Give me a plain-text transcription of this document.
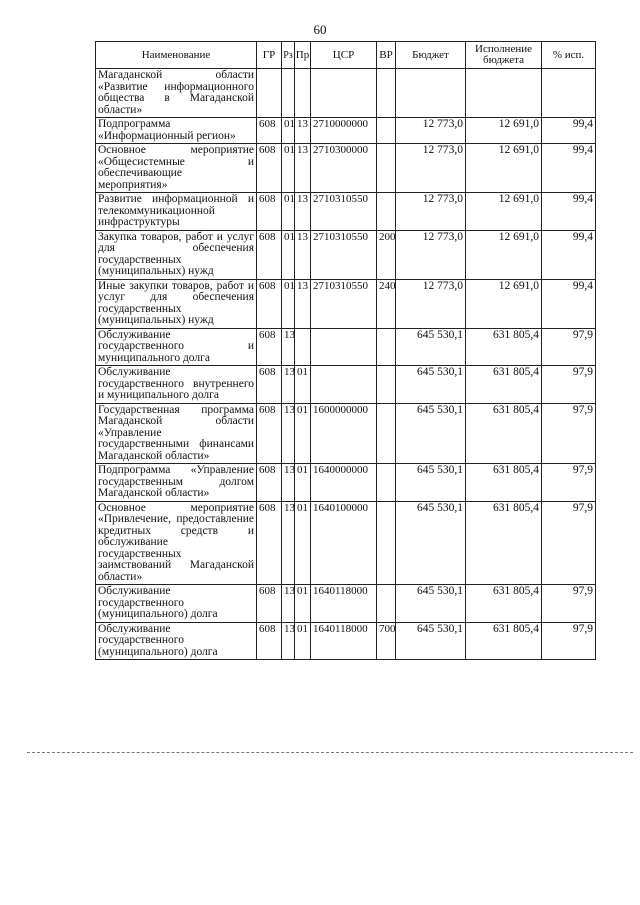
60
Наименование	ГР	Рз	Пр	ЦСР	ВР	Бюджет	Исполнение бюджета	% исп.
Магаданской области «Развитие информационного общества в Магаданской области»								
Подпрограмма «Информационный регион»	608	01	13	2710000000		12 773,0	12 691,0	99,4
Основное мероприятие «Общесистемные и обеспечивающие мероприятия»	608	01	13	2710300000		12 773,0	12 691,0	99,4
Развитие информационной и телекоммуникационной инфраструктуры	608	01	13	2710310550		12 773,0	12 691,0	99,4
Закупка товаров, работ и услуг для обеспечения государственных (муниципальных) нужд	608	01	13	2710310550	200	12 773,0	12 691,0	99,4
Иные закупки товаров, работ и услуг для обеспечения государственных (муниципальных) нужд	608	01	13	2710310550	240	12 773,0	12 691,0	99,4
Обслуживание государственного и муниципального долга	608	13				645 530,1	631 805,4	97,9
Обслуживание государственного внутреннего и муниципального долга	608	13	01			645 530,1	631 805,4	97,9
Государственная программа Магаданской области «Управление государственными финансами Магаданской области»	608	13	01	1600000000		645 530,1	631 805,4	97,9
Подпрограмма «Управление государственным долгом Магаданской области»	608	13	01	1640000000		645 530,1	631 805,4	97,9
Основное мероприятие «Привлечение, предоставление кредитных средств и обслуживание государственных заимствований Магаданской области»	608	13	01	1640100000		645 530,1	631 805,4	97,9
Обслуживание государственного (муниципального) долга	608	13	01	1640118000		645 530,1	631 805,4	97,9
Обслуживание государственного (муниципального) долга	608	13	01	1640118000	700	645 530,1	631 805,4	97,9
